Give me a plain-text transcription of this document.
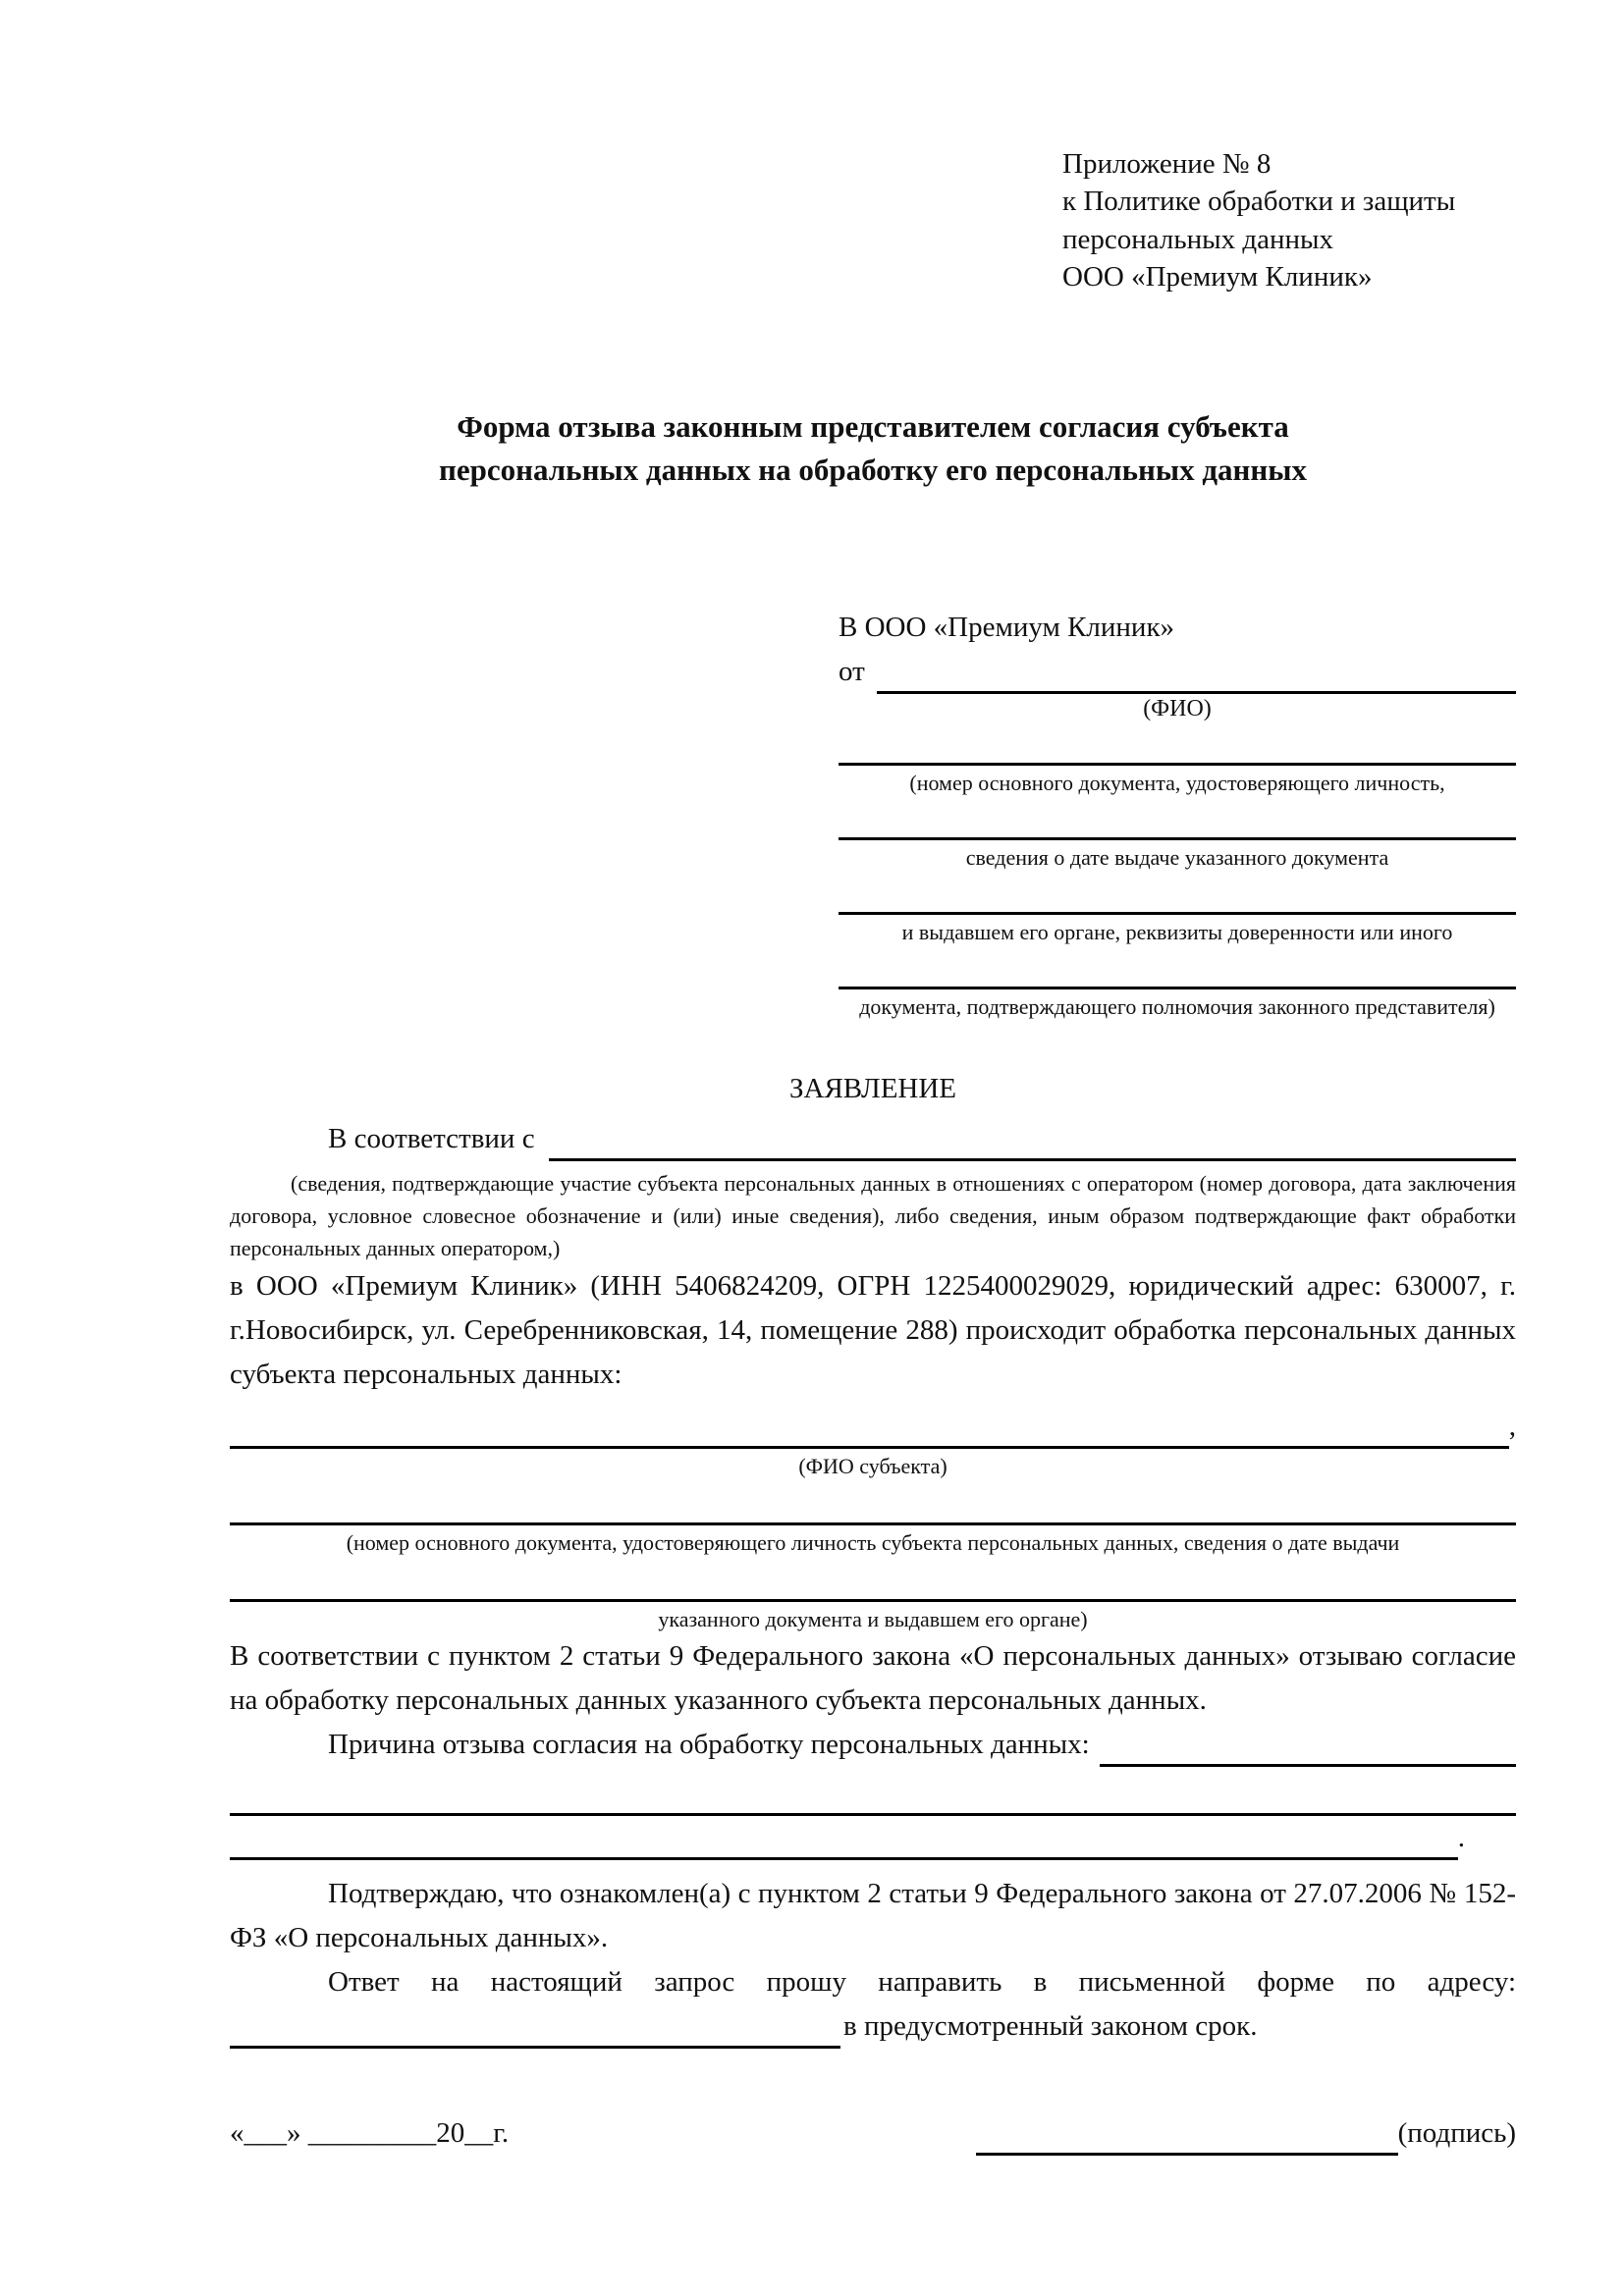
Приложение № 8
к Политике обработки и защиты
персональных данных
ООО «Премиум Клиник»
Форма отзыва законным представителем согласия субъекта
персональных данных на обработку его персональных данных
В ООО «Премиум Клиник»
от
(ФИО)
(номер основного документа, удостоверяющего личность,
сведения о дате выдаче указанного документа
и выдавшем его органе, реквизиты доверенности или иного
документа, подтверждающего полномочия законного представителя)
ЗАЯВЛЕНИЕ
В соответствии с
(сведения, подтверждающие участие субъекта персональных данных в отношениях с оператором (номер договора, дата заключения договора, условное словесное обозначение и (или) иные сведения), либо сведения, иным образом подтверждающие факт обработки персональных данных оператором,)
в ООО «Премиум Клиник» (ИНН 5406824209, ОГРН 1225400029029, юридический адрес: 630007, г. г.Новосибирск, ул. Серебренниковская, 14, помещение 288) происходит обработка персональных данных субъекта персональных данных:
,
(ФИО субъекта)
(номер основного документа, удостоверяющего личность субъекта персональных данных, сведения о дате выдачи
указанного документа и выдавшем его органе)
В соответствии с пунктом 2 статьи 9 Федерального закона «О персональных данных» отзываю согласие на обработку персональных данных указанного субъекта персональных данных.
Причина отзыва согласия на обработку персональных данных:
.
Подтверждаю, что ознакомлен(а) с пунктом 2 статьи 9 Федерального закона от 27.07.2006 № 152-ФЗ «О персональных данных».
Ответ на настоящий запрос прошу направить в письменной форме по адресу:
в предусмотренный законом срок.
«___» _________20__г.	(подпись)
